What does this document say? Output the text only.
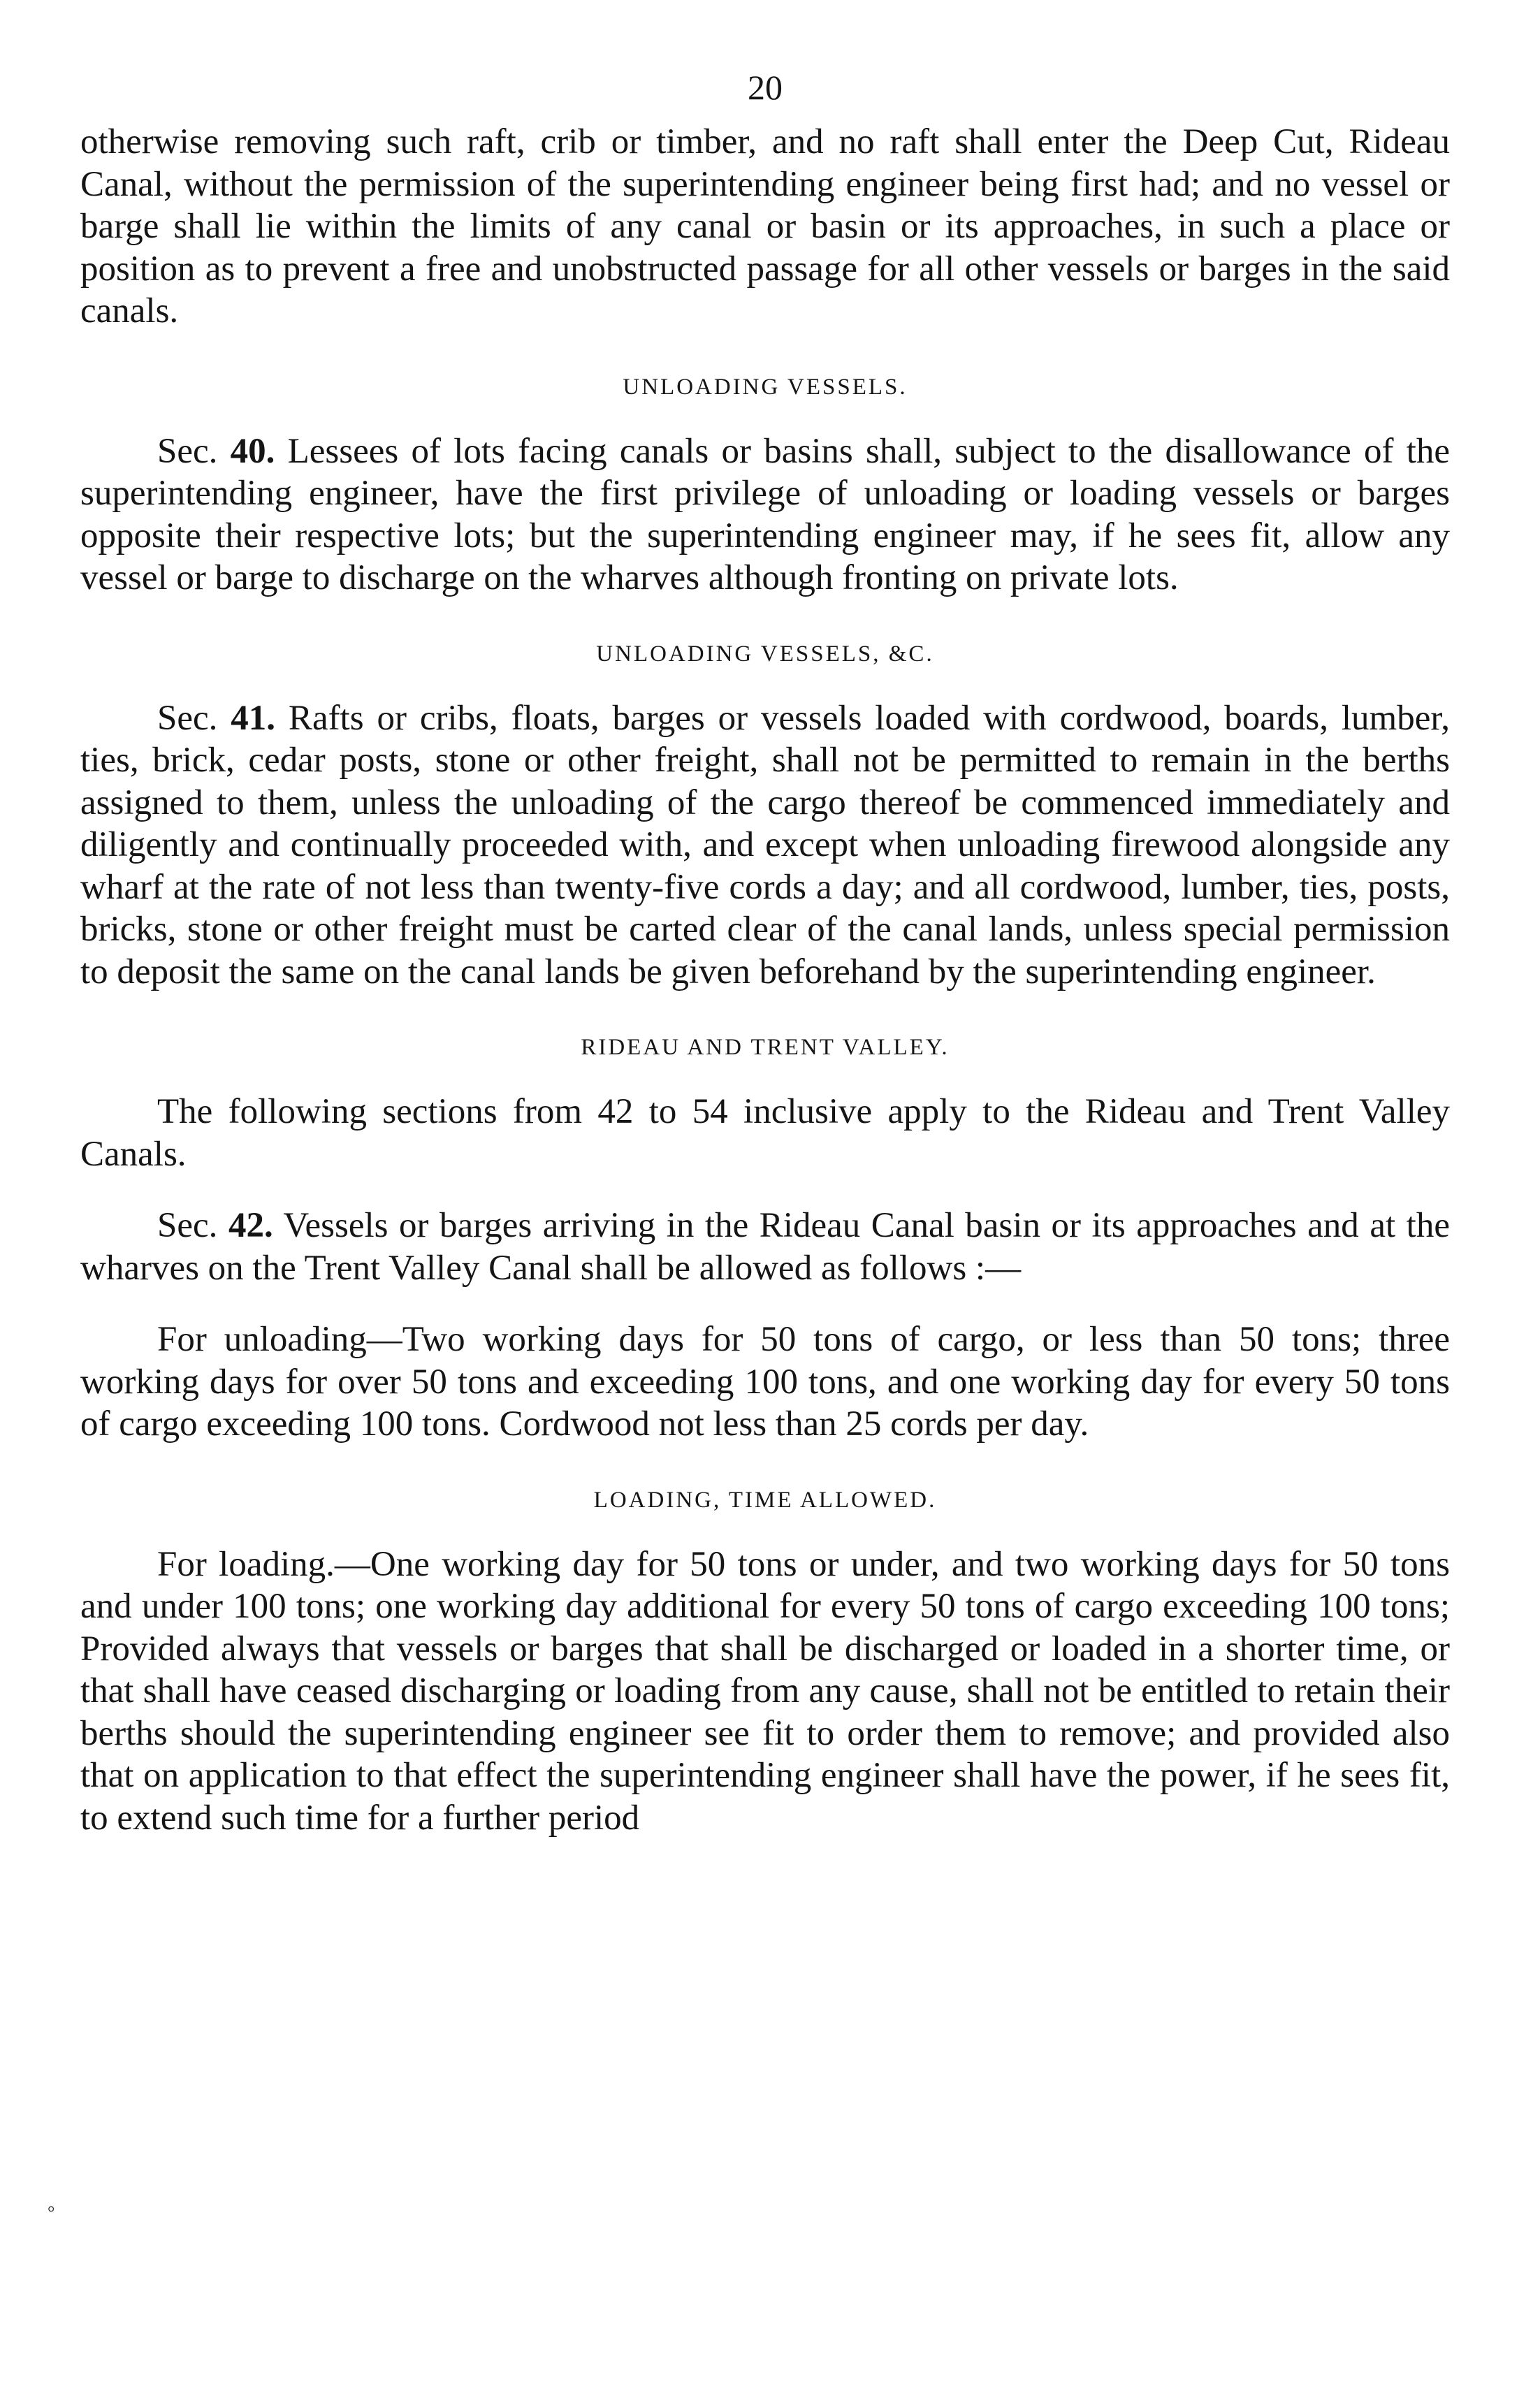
20

otherwise removing such raft, crib or timber, and no raft shall enter the Deep Cut, Rideau Canal, without the permission of the superintending engineer being first had; and no vessel or barge shall lie within the limits of any canal or basin or its approaches, in such a place or position as to prevent a free and unobstructed passage for all other vessels or barges in the said canals.

UNLOADING VESSELS.

Sec. 40. Lessees of lots facing canals or basins shall, subject to the disallowance of the superintending engineer, have the first privilege of unloading or loading vessels or barges opposite their respective lots; but the superintending engineer may, if he sees fit, allow any vessel or barge to discharge on the wharves although fronting on private lots.

UNLOADING VESSELS, &C.

Sec. 41. Rafts or cribs, floats, barges or vessels loaded with cordwood, boards, lumber, ties, brick, cedar posts, stone or other freight, shall not be permitted to remain in the berths assigned to them, unless the unloading of the cargo thereof be commenced immediately and diligently and continually proceeded with, and except when unloading firewood alongside any wharf at the rate of not less than twenty-five cords a day; and all cordwood, lumber, ties, posts, bricks, stone or other freight must be carted clear of the canal lands, unless special permission to deposit the same on the canal lands be given beforehand by the superintending engineer.

RIDEAU AND TRENT VALLEY.

The following sections from 42 to 54 inclusive apply to the Rideau and Trent Valley Canals.

Sec. 42. Vessels or barges arriving in the Rideau Canal basin or its approaches and at the wharves on the Trent Valley Canal shall be allowed as follows :—

For unloading—Two working days for 50 tons of cargo, or less than 50 tons; three working days for over 50 tons and exceeding 100 tons, and one working day for every 50 tons of cargo exceeding 100 tons. Cordwood not less than 25 cords per day.

LOADING, TIME ALLOWED.

For loading.—One working day for 50 tons or under, and two working days for 50 tons and under 100 tons; one working day additional for every 50 tons of cargo exceeding 100 tons; Provided always that vessels or barges that shall be discharged or loaded in a shorter time, or that shall have ceased discharging or loading from any cause, shall not be entitled to retain their berths should the superintending engineer see fit to order them to remove; and provided also that on application to that effect the superintending engineer shall have the power, if he sees fit, to extend such time for a further period

°
